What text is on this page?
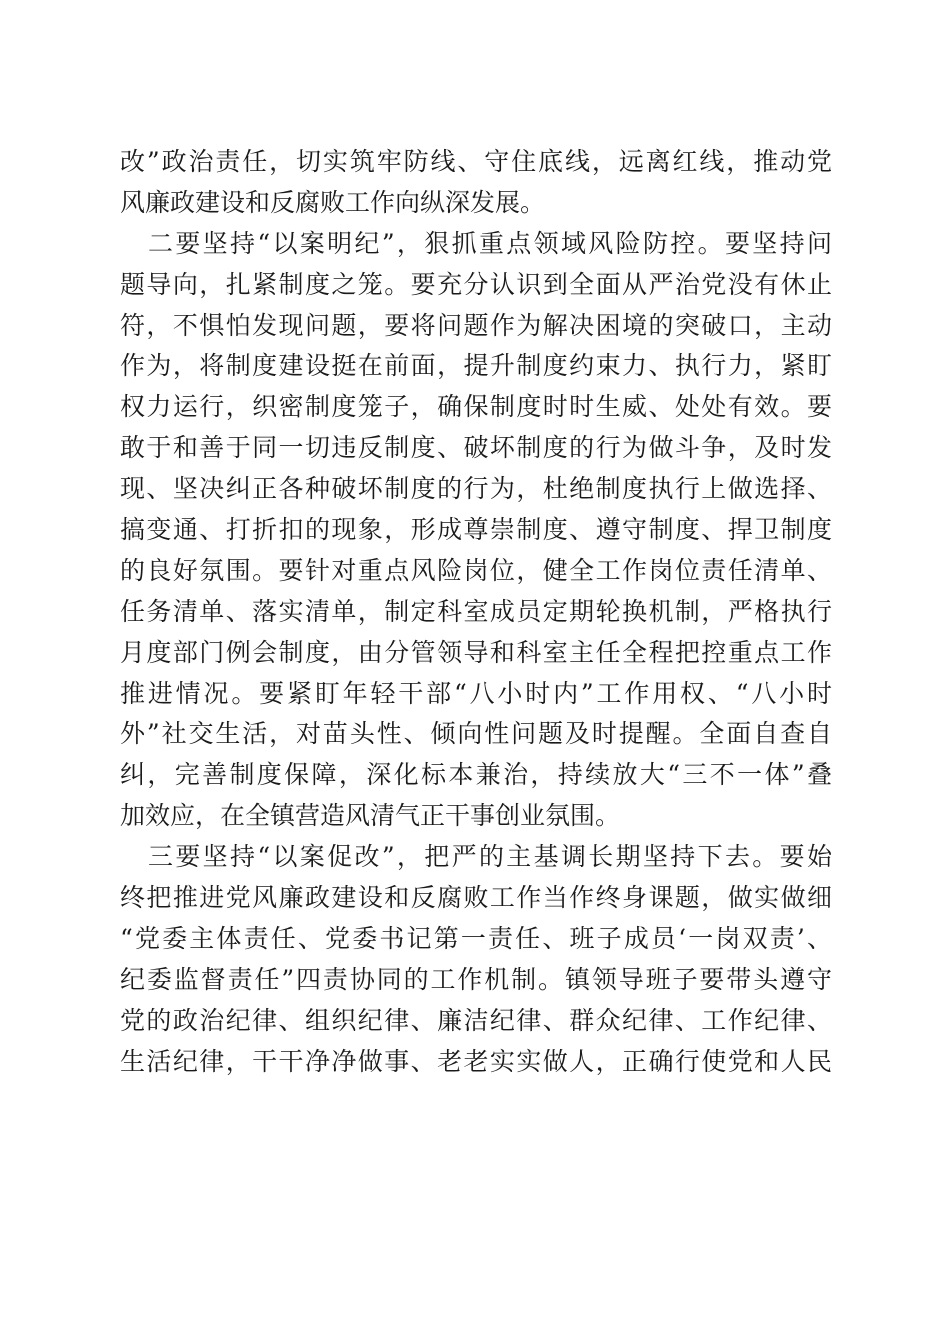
改”政治责任，切实筑牢防线、守住底线，远离红线，推动党
风廉政建设和反腐败工作向纵深发展。
二要坚持“以案明纪”，狠抓重点领域风险防控。要坚持问
题导向，扎紧制度之笼。要充分认识到全面从严治党没有休止
符，不惧怕发现问题，要将问题作为解决困境的突破口，主动
作为，将制度建设挺在前面，提升制度约束力、执行力，紧盯
权力运行，织密制度笼子，确保制度时时生威、处处有效。要
敢于和善于同一切违反制度、破坏制度的行为做斗争，及时发
现、坚决纠正各种破坏制度的行为，杜绝制度执行上做选择、
搞变通、打折扣的现象，形成尊崇制度、遵守制度、捍卫制度
的良好氛围。要针对重点风险岗位，健全工作岗位责任清单、
任务清单、落实清单，制定科室成员定期轮换机制，严格执行
月度部门例会制度，由分管领导和科室主任全程把控重点工作
推进情况。要紧盯年轻干部“八小时内”工作用权、“八小时
外”社交生活，对苗头性、倾向性问题及时提醒。全面自查自
纠，完善制度保障，深化标本兼治，持续放大“三不一体”叠
加效应，在全镇营造风清气正干事创业氛围。
三要坚持“以案促改”，把严的主基调长期坚持下去。要始
终把推进党风廉政建设和反腐败工作当作终身课题，做实做细
“党委主体责任、党委书记第一责任、班子成员‘一岗双责’、
纪委监督责任”四责协同的工作机制。镇领导班子要带头遵守
党的政治纪律、组织纪律、廉洁纪律、群众纪律、工作纪律、
生活纪律，干干净净做事、老老实实做人，正确行使党和人民
